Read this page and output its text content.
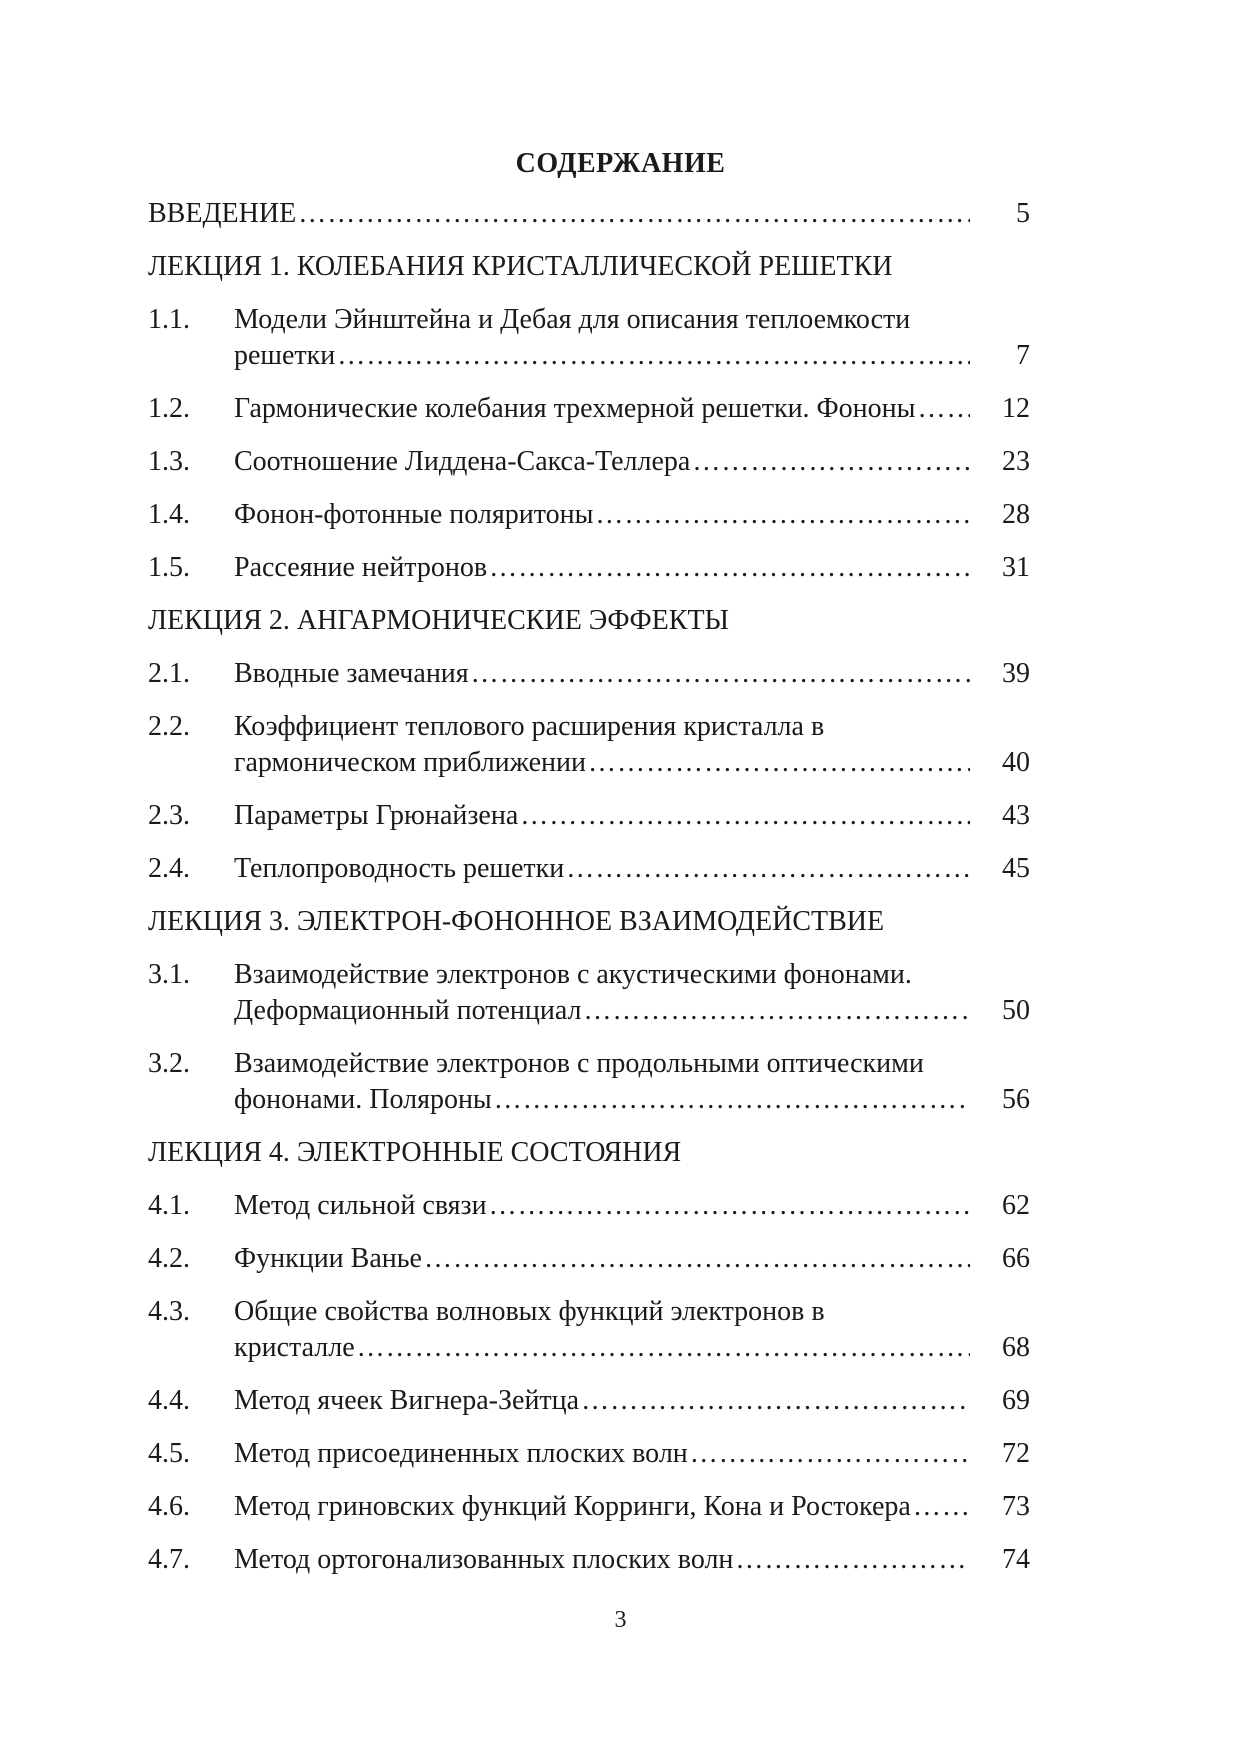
СОДЕРЖАНИЕ
ВВЕДЕНИЕ ……………………………………………………………………………………………………………………………………………………	5
ЛЕКЦИЯ 1. КОЛЕБАНИЯ КРИСТАЛЛИЧЕСКОЙ РЕШЕТКИ
1.1. Модели Эйнштейна и Дебая для описания теплоемкости
решетки ……………………………………………………………………………………………………………………………………………………	7
1.2. Гармонические колебания трехмерной решетки. Фононы ……………………………………………………………………………………………………………………………………………………	12
1.3. Соотношение Лиддена-Сакса-Теллера ……………………………………………………………………………………………………………………………………………………	23
1.4. Фонон-фотонные поляритоны ……………………………………………………………………………………………………………………………………………………	28
1.5. Рассеяние нейтронов ……………………………………………………………………………………………………………………………………………………	31
ЛЕКЦИЯ 2. АНГАРМОНИЧЕСКИЕ ЭФФЕКТЫ
2.1. Вводные замечания ……………………………………………………………………………………………………………………………………………………	39
2.2. Коэффициент теплового расширения кристалла в
гармоническом приближении ……………………………………………………………………………………………………………………………………………………	40
2.3. Параметры Грюнайзена ……………………………………………………………………………………………………………………………………………………	43
2.4. Теплопроводность решетки ……………………………………………………………………………………………………………………………………………………	45
ЛЕКЦИЯ 3. ЭЛЕКТРОН-ФОНОННОЕ ВЗАИМОДЕЙСТВИЕ
3.1. Взаимодействие электронов с акустическими фононами.
Деформационный потенциал ……………………………………………………………………………………………………………………………………………………	50
3.2. Взаимодействие электронов с продольными оптическими
фононами. Поляроны ……………………………………………………………………………………………………………………………………………………	56
ЛЕКЦИЯ 4. ЭЛЕКТРОННЫЕ СОСТОЯНИЯ
4.1. Метод сильной связи ……………………………………………………………………………………………………………………………………………………	62
4.2. Функции Ванье ……………………………………………………………………………………………………………………………………………………	66
4.3. Общие свойства волновых функций электронов в
кристалле ……………………………………………………………………………………………………………………………………………………	68
4.4. Метод ячеек Вигнера-Зейтца ……………………………………………………………………………………………………………………………………………………	69
4.5. Метод присоединенных плоских волн ……………………………………………………………………………………………………………………………………………………	72
4.6. Метод гриновских функций Корринги, Кона и Ростокера ……………………………………………………………………………………………………………………………………………………	73
4.7. Метод ортогонализованных плоских волн ……………………………………………………………………………………………………………………………………………………	74
3
